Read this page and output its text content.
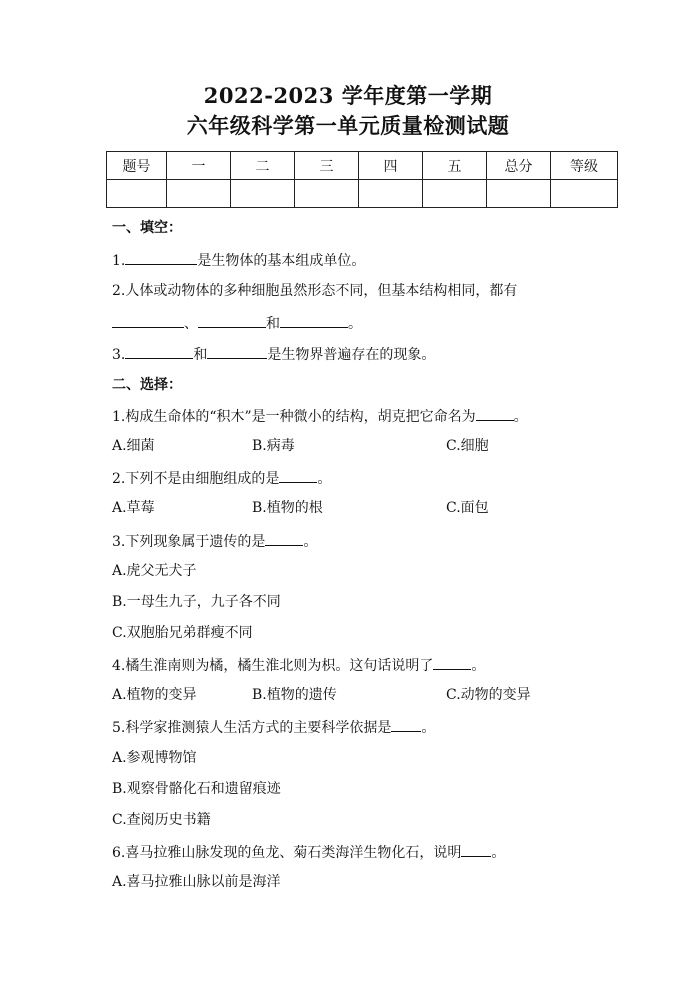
2022-2023 学年度第一学期
六年级科学第一单元质量检测试题
题号	一	二	三	四	五	总分	等级

一、填空：
1.	是生物体的基本组成单位。
2.人体或动物体的多种细胞虽然形态不同，但基本结构相同，都有
、	和	。
3.	和	是生物界普遍存在的现象。
二、选择：
1.构成生命体的“积木”是一种微小的结构，胡克把它命名为	。
A.细菌	B.病毒	C.细胞
2.下列不是由细胞组成的是	。
A.草莓	B.植物的根	C.面包
3.下列现象属于遗传的是	。
A.虎父无犬子
B.一母生九子，九子各不同
C.双胞胎兄弟群瘦不同
4.橘生淮南则为橘，橘生淮北则为枳。这句话说明了	。
A.植物的变异	B.植物的遗传	C.动物的变异
5.科学家推测猿人生活方式的主要科学依据是 。
A.参观博物馆
B.观察骨骼化石和遗留痕迹
C.查阅历史书籍
6.喜马拉雅山脉发现的鱼龙、菊石类海洋生物化石，说明 。
A.喜马拉雅山脉以前是海洋
